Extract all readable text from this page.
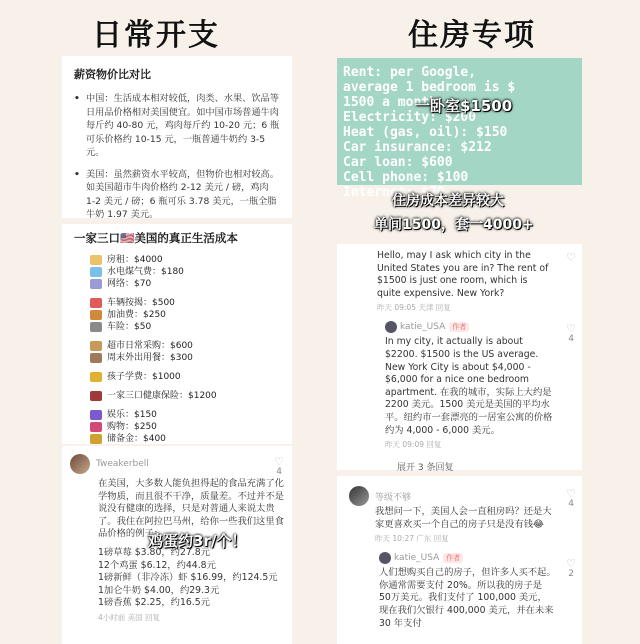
日常开支	住房专项
薪资物价比对比
• 中国：生活成本相对较低，肉类、水果、饮品等日用品价格相对美国便宜。如中国市场普通牛肉每斤约 40-80 元，鸡肉每斤约 10-20 元；6 瓶可乐价格约 10-15 元，一瓶普通牛奶约 3-5 元。
• 美国：虽然薪资水平较高，但物价也相对较高。如美国超市牛肉价格约 2-12 美元 / 磅，鸡肉 1-2 美元 / 磅；6 瓶可乐 3.78 美元，一瓶全脂牛奶 1.97 美元。
一家三口🇺🇸美国的真正生活成本
房租：$4000
水电煤气费：$180
网络：$70
车辆按揭：$500
加油费：$250
车险：$50
超市日常采购：$600
周末外出用餐：$300
孩子学费：$1000
一家三口健康保险：$1200
娱乐：$150
购物：$250
储备金：$400
Tweakerbell	♡
4
在美国，大多数人能负担得起的食品充满了化学物质，而且很不干净，质量差。不过并不是说没有健康的选择，只是对普通人来说太贵了。我住在阿拉巴马州，给你一些我们这里食品价格的例子：
1磅草莓 $3.80，约27.8元
12个鸡蛋 $6.12，约44.8元
1磅新鲜（非冷冻）虾 $16.99，约124.5元
1加仑牛奶 $4.00，约29.3元
1磅香蕉 $2.25，约16.5元
4小时前 美国 回复
鸡蛋约3r/个！
Rent: per Google,
average 1 bedroom is $
1500 a month
Electricity: $200
Heat (gas, oil): $150
Car insurance: $212
Car loan: $600
Cell phone: $100
Internet: $70
一卧室$1500
住房成本差异较大
单间1500，套一4000+
♡
Hello, may I ask which city in the United States you are in? The rent of $1500 is just one room, which is quite expensive. New York?
昨天 09:05 天津 回复
katie_USA	作者	♡
4
In my city, it actually is about $2200. $1500 is the US average. New York City is about $4,000 - $6,000 for a nice one bedroom apartment. 在我的城市，实际上大约是 2200 美元。1500 美元是美国的平均水平。纽约市一套漂亮的一居室公寓的价格约为 4,000 - 6,000 美元。
昨天 09:09 回复
展开 3 条回复
等级不够	♡
4
我想问一下，美国人会一直租房吗？还是大家更喜欢买一个自己的房子只是没有钱😂
昨天 10:27 广东 回复
katie_USA	作者	♡
2
人们想购买自己的房子，但许多人买不起。你通常需要支付 20%。所以我的房子是 50万美元。我们支付了 100,000 美元，现在我们欠银行 400,000 美元，并在未来 30 年支付
